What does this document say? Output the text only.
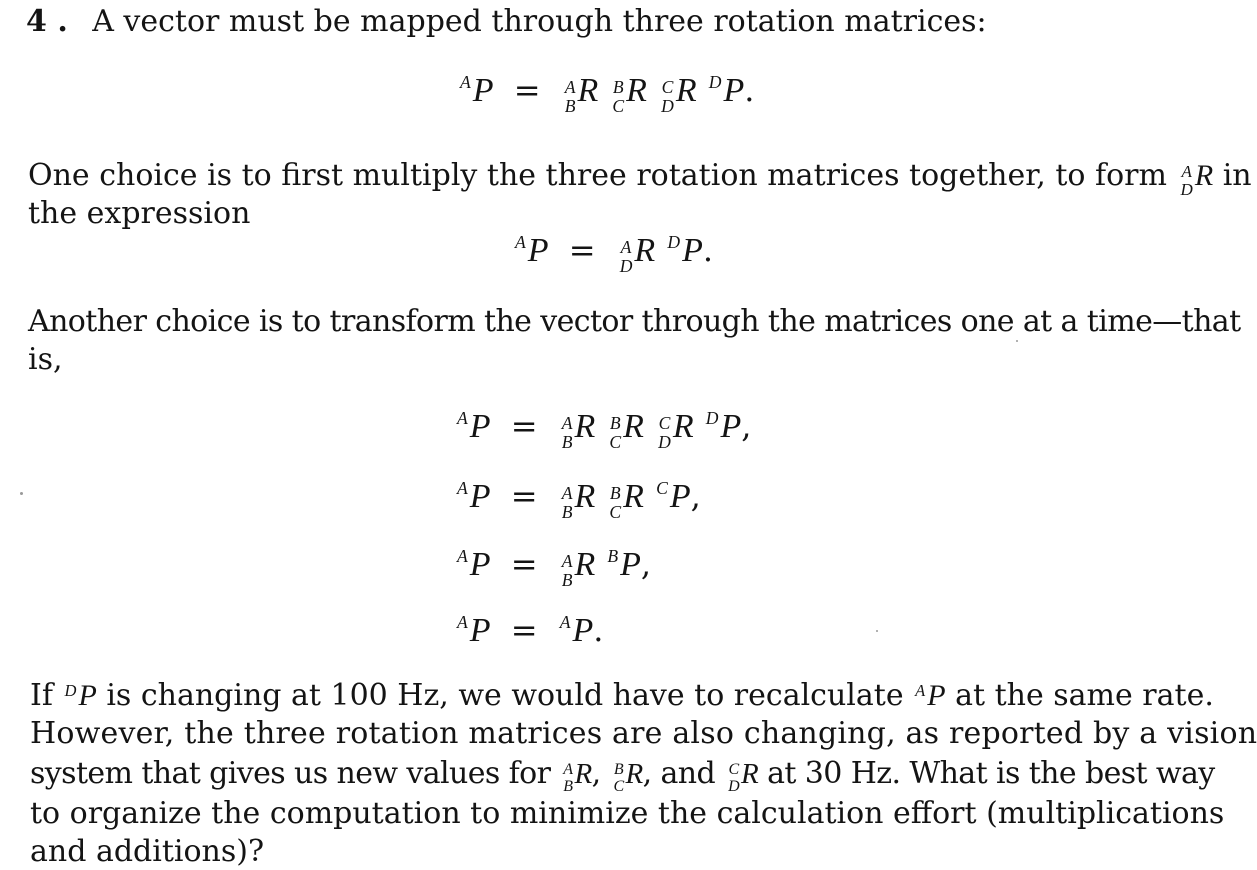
4 . A vector must be mapped through three rotation matrices:
$^A$P = A
B R B
C R C
D R $^D$P.
One choice is to first multiply the three rotation matrices together, to form A
D R in
the expression
$^A$P = A
D R $^D$P.
Another choice is to transform the vector through the matrices one at a time—that
is,
$^A$P = A
B R B
C R C
D R $^D$P,
$^A$P = A
B R B
C R $^C$P,
$^A$P = A
B R $^B$P,
$^A$P = $^A$P.
If $^D$P is changing at 100 Hz, we would have to recalculate $^A$P at the same rate.
However, the three rotation matrices are also changing, as reported by a vision
system that gives us new values for A
B R, B
C R, and C
D R at 30 Hz. What is the best way
to organize the computation to minimize the calculation effort (multiplications
and additions)?
